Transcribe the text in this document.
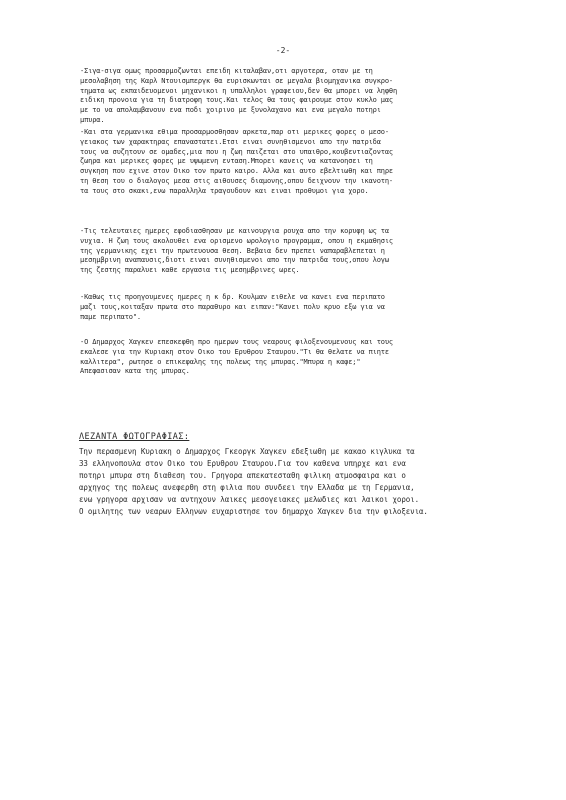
-2-
-Σιγα-σιγα ομως προσαρμοζωνται επειδη κιταλαβαν,οτι αργοτερα, οταν με τη
μεσολαβηση της Καρλ Ντουισμπεργκ θα ευρισκωνται σε μεγαλα βιομηχανικα συγκρο-
τηματα ως εκπαιδευομενοι μηχανικοι η υπαλληλοι γραφειου,δεν θα μπορει να ληφθη
ειδικη προνοια για τη διατροφη τους.Και τελος θα τους φαιρουμε στον κυκλο μας
με το να απολαμβανουν ενα ποδι χοιρινο με ξυνολαχανο και ενα μεγαλο ποτηρι
μπυρα.
-Και στα γερμανικα εθιμα προσαρμοσθησαν αρκετα,παρ οτι μερικες φορες ο μεσο-
γειακος των χαρακτηρας επαναστατει.Ετσι ειναι συνηθισμενοι απο την πατριδα
τους να συζητουν σε ομαδες,μια που η ζωη παιζεται στο υπαιθρο,κουβεντιαζοντας
ζωηρα και μερικες φορες με υψωμενη ενταση.Μπορει κανεις να κατανοησει τη
συγκηση που εχινε στον Οικο τον πρωτο καιρο. Αλλα και αυτο εβελτιωθη και πηρε
τη θεση του ο διαλογος μεσα στις αιθουσες διαμονης,οπου δειχνουν την ικανοτη-
τα τους στο σκακι,ενω παραλληλα τραγουδουν και ειναι προθυμοι για χορο.
-Τις τελευταιες ημερες εφοδιασθησαν με καινουργια ρουχα απο την κορυφη ως τα
νυχια. Η ζωη τους ακολουθει ενα ορισμενο ωρολογιο προγραμμα, οπου η εκμαθησις
της γερμανικης εχει την πρωτευουσα θεση. Βεβαια δεν πρεπει ναπαραβλεπεται η
μεσημβρινη αναπαυσις,διοτι ειναι συνηθισμενοι απο την πατριδα τους,οπου λογω
της ζεστης παραλυει καθε εργασια τις μεσημβρινες ωρες.
-Καθως τις προηγουμενες ημερες η κ δρ. Κουλμαν ειθελε να κανει ενα περιπατο
μαζι τους,κοιταξαν πρωτα στο παραθυρο και ειπαν:"Κανει πολυ κρυο εξω για να
παμε περιπατο".
-Ο Δημαρχος Χαγκεν επεσκεφθη προ ημερων τους νεαρους φιλοξενουμενους και τους
εκαλεσε για την Κυριακη στον Οικο του Ερυθρου Σταυρου."Τι θα θελατε να πιητε
καλλιτερα", ρωτησε ο επικεφαλης της πολεως της μπυρας."Μπυρα η καφε;"
Απεφασισαν κατα της μπυρας.
ΛΕΖΑΝΤΑ ΦΩΤΟΓΡΑΦΙΑΣ:
Την περασμενη Κυριακη ο Δημαρχος Γκεοργκ Χαγκεν εδεξιωθη με κακαο κιγλυκα τα
33 ελληνοπουλα στον Οικο του Ερυθρου Σταυρου.Για τον καθενα υπηρχε και ενα
ποτηρι μπυρα στη διαθεση του. Γρηγορα απεκατεσταθη φιλικη ατμοσφαιρα και ο
αρχηγος της πολεως ανεφερθη στη φιλια που συνδεει την Ελλαδα με τη Γερμανια,
ενω γρηγορα αρχισαν να αντηχουν λαικες μεσογειακες μελωδιες και λαικοι χοροι.
Ο ομιλητης των νεαρων Ελληνων ευχαριστησε τον δημαρχο Χαγκεν δια την φιλοξενια.
